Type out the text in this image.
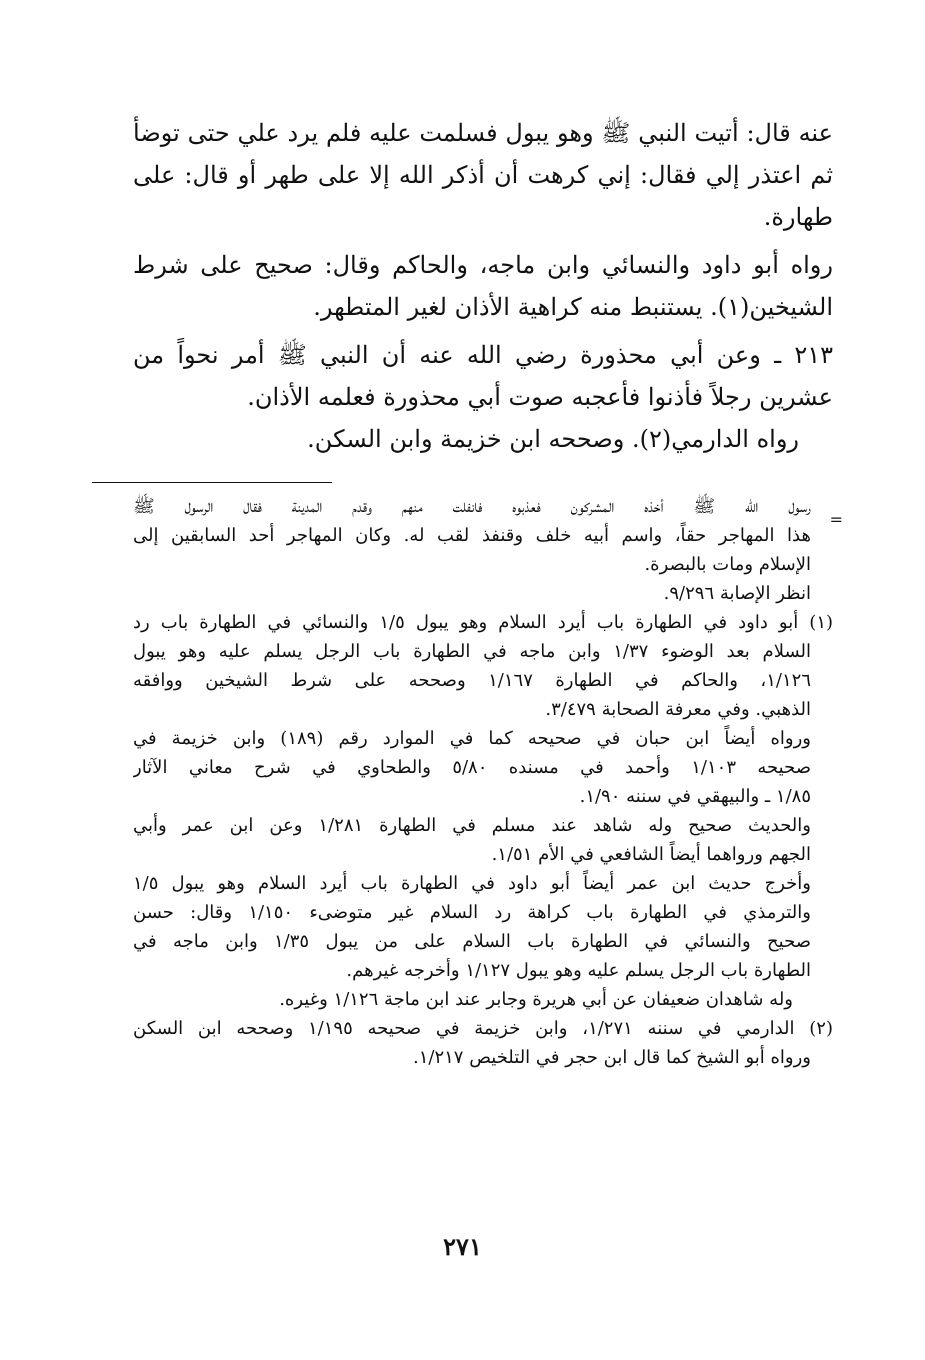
عنه قال: أتيت النبي ﷺ وهو يبول فسلمت عليه فلم يرد علي حتى توضأ

ثم اعتذر إلي فقال: إني كرهت أن أذكر الله إلا على طهر أو قال: على

طهارة.

رواه أبو داود والنسائي وابن ماجه، والحاكم وقال: صحيح على شرط

الشيخين(١). يستنبط منه كراهية الأذان لغير المتطهر.

٢١٣ ـ وعن أبي محذورة رضي الله عنه أن النبي ﷺ أمر نحواً من

عشرين رجلاً فأذنوا فأعجبه صوت أبي محذورة فعلمه الأذان.

رواه الدارمي(٢). وصححه ابن خزيمة وابن السكن.

=

رسول الله ﷺ أخذه المشركون فعذبوه فانفلت منهم وقدم المدينة فقال الرسول ﷺ

هذا المهاجر حقاً، واسم أبيه خلف وقنفذ لقب له. وكان المهاجر أحد السابقين إلى

الإسلام ومات بالبصرة.

انظر الإصابة ٩/٢٩٦.

(١) أبو داود في الطهارة باب أيرد السلام وهو يبول ١/٥ والنسائي في الطهارة باب رد

السلام بعد الوضوء ١/٣٧ وابن ماجه في الطهارة باب الرجل يسلم عليه وهو يبول

١/١٢٦، والحاكم في الطهارة ١/١٦٧ وصححه على شرط الشيخين ووافقه

الذهبي. وفي معرفة الصحابة ٣/٤٧٩.

ورواه أيضاً ابن حبان في صحيحه كما في الموارد رقم (١٨٩) وابن خزيمة في

صحيحه ١/١٠٣ وأحمد في مسنده ٥/٨٠ والطحاوي في شرح معاني الآثار

١/٨٥ ـ والبيهقي في سننه ١/٩٠.

والحديث صحيح وله شاهد عند مسلم في الطهارة ١/٢٨١ وعن ابن عمر وأبي

الجهم ورواهما أيضاً الشافعي في الأم ١/٥١.

وأخرج حديث ابن عمر أيضاً أبو داود في الطهارة باب أيرد السلام وهو يبول ١/٥

والترمذي في الطهارة باب كراهة رد السلام غير متوضىء ١/١٥٠ وقال: حسن

صحيح والنسائي في الطهارة باب السلام على من يبول ١/٣٥ وابن ماجه في

الطهارة باب الرجل يسلم عليه وهو يبول ١/١٢٧ وأخرجه غيرهم.

وله شاهدان ضعيفان عن أبي هريرة وجابر عند ابن ماجة ١/١٢٦ وغيره.

(٢) الدارمي في سننه ١/٢٧١، وابن خزيمة في صحيحه ١/١٩٥ وصححه ابن السكن

ورواه أبو الشيخ كما قال ابن حجر في التلخيص ١/٢١٧.

٢٧١
